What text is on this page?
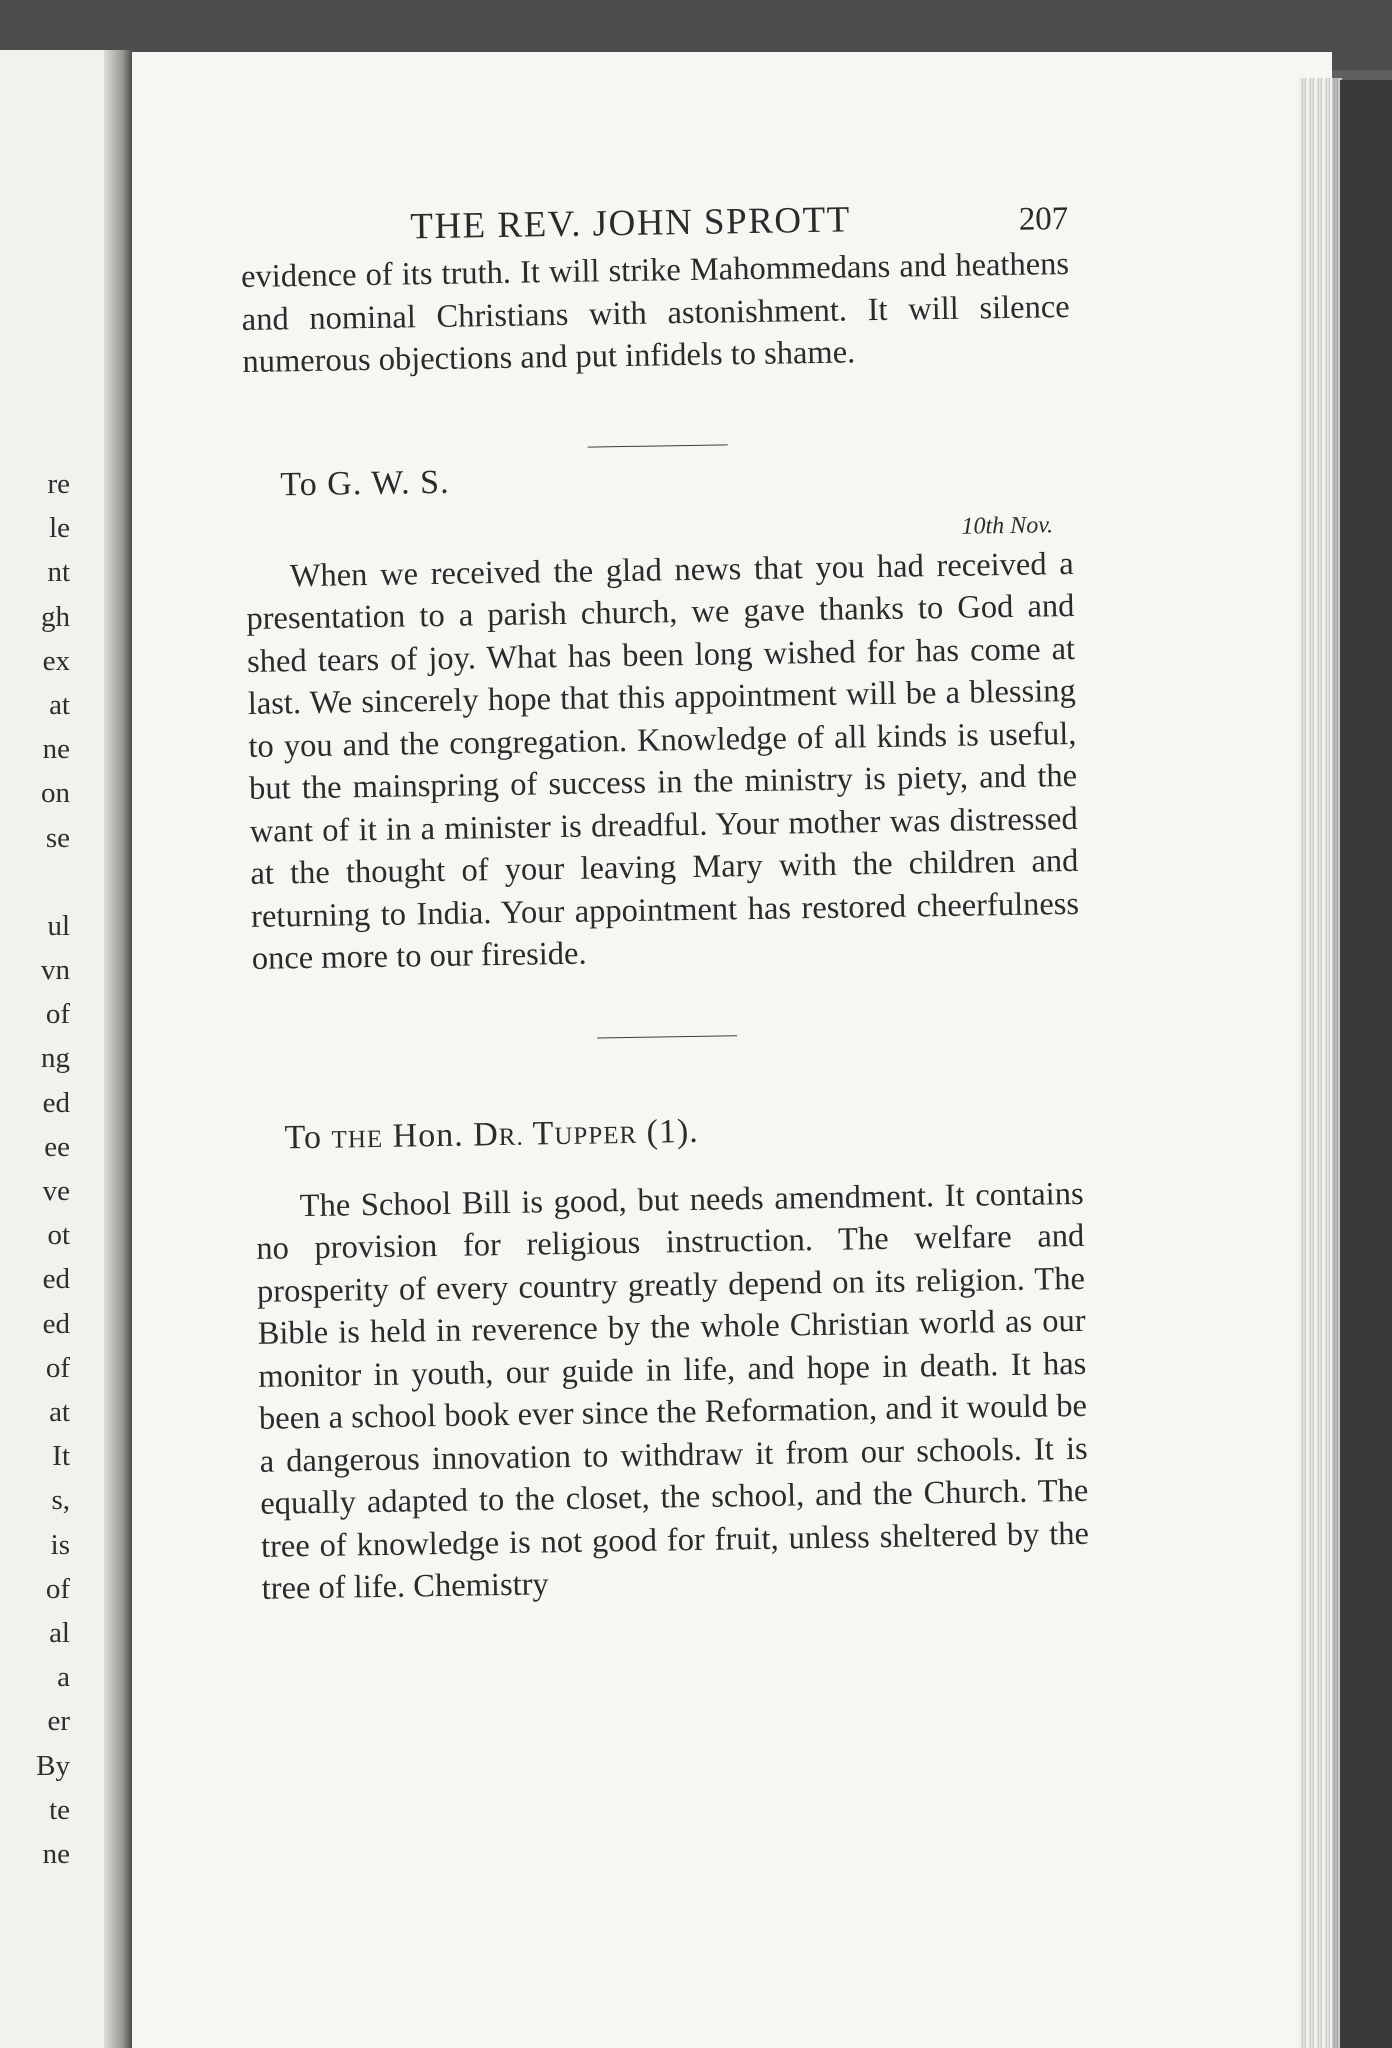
re
le
nt
gh
ex
at
ne
on
se
ul
vn
of
ng
ed
ee
ve
ot
ed
ed
of
at
It
s,
is
of
al
a
er
By
te
ne
THE REV. JOHN SPROTT	207

evidence of its truth. It will strike Mahommedans and heathens and nominal Christians with astonishment. It will silence numerous objections and put infidels to shame.

To G. W. S.
10th Nov.

When we received the glad news that you had received a presentation to a parish church, we gave thanks to God and shed tears of joy. What has been long wished for has come at last. We sincerely hope that this appointment will be a blessing to you and the congregation. Knowledge of all kinds is useful, but the mainspring of success in the ministry is piety, and the want of it in a minister is dreadful. Your mother was distressed at the thought of your leaving Mary with the children and returning to India. Your appointment has restored cheerfulness once more to our fireside.

To THE Hon. DR. TUPPER (1).

The School Bill is good, but needs amendment. It contains no provision for religious instruction. The welfare and prosperity of every country greatly depend on its religion. The Bible is held in reverence by the whole Christian world as our monitor in youth, our guide in life, and hope in death. It has been a school book ever since the Reformation, and it would be a dangerous innovation to withdraw it from our schools. It is equally adapted to the closet, the school, and the Church. The tree of knowledge is not good for fruit, unless sheltered by the tree of life. Chemistry
